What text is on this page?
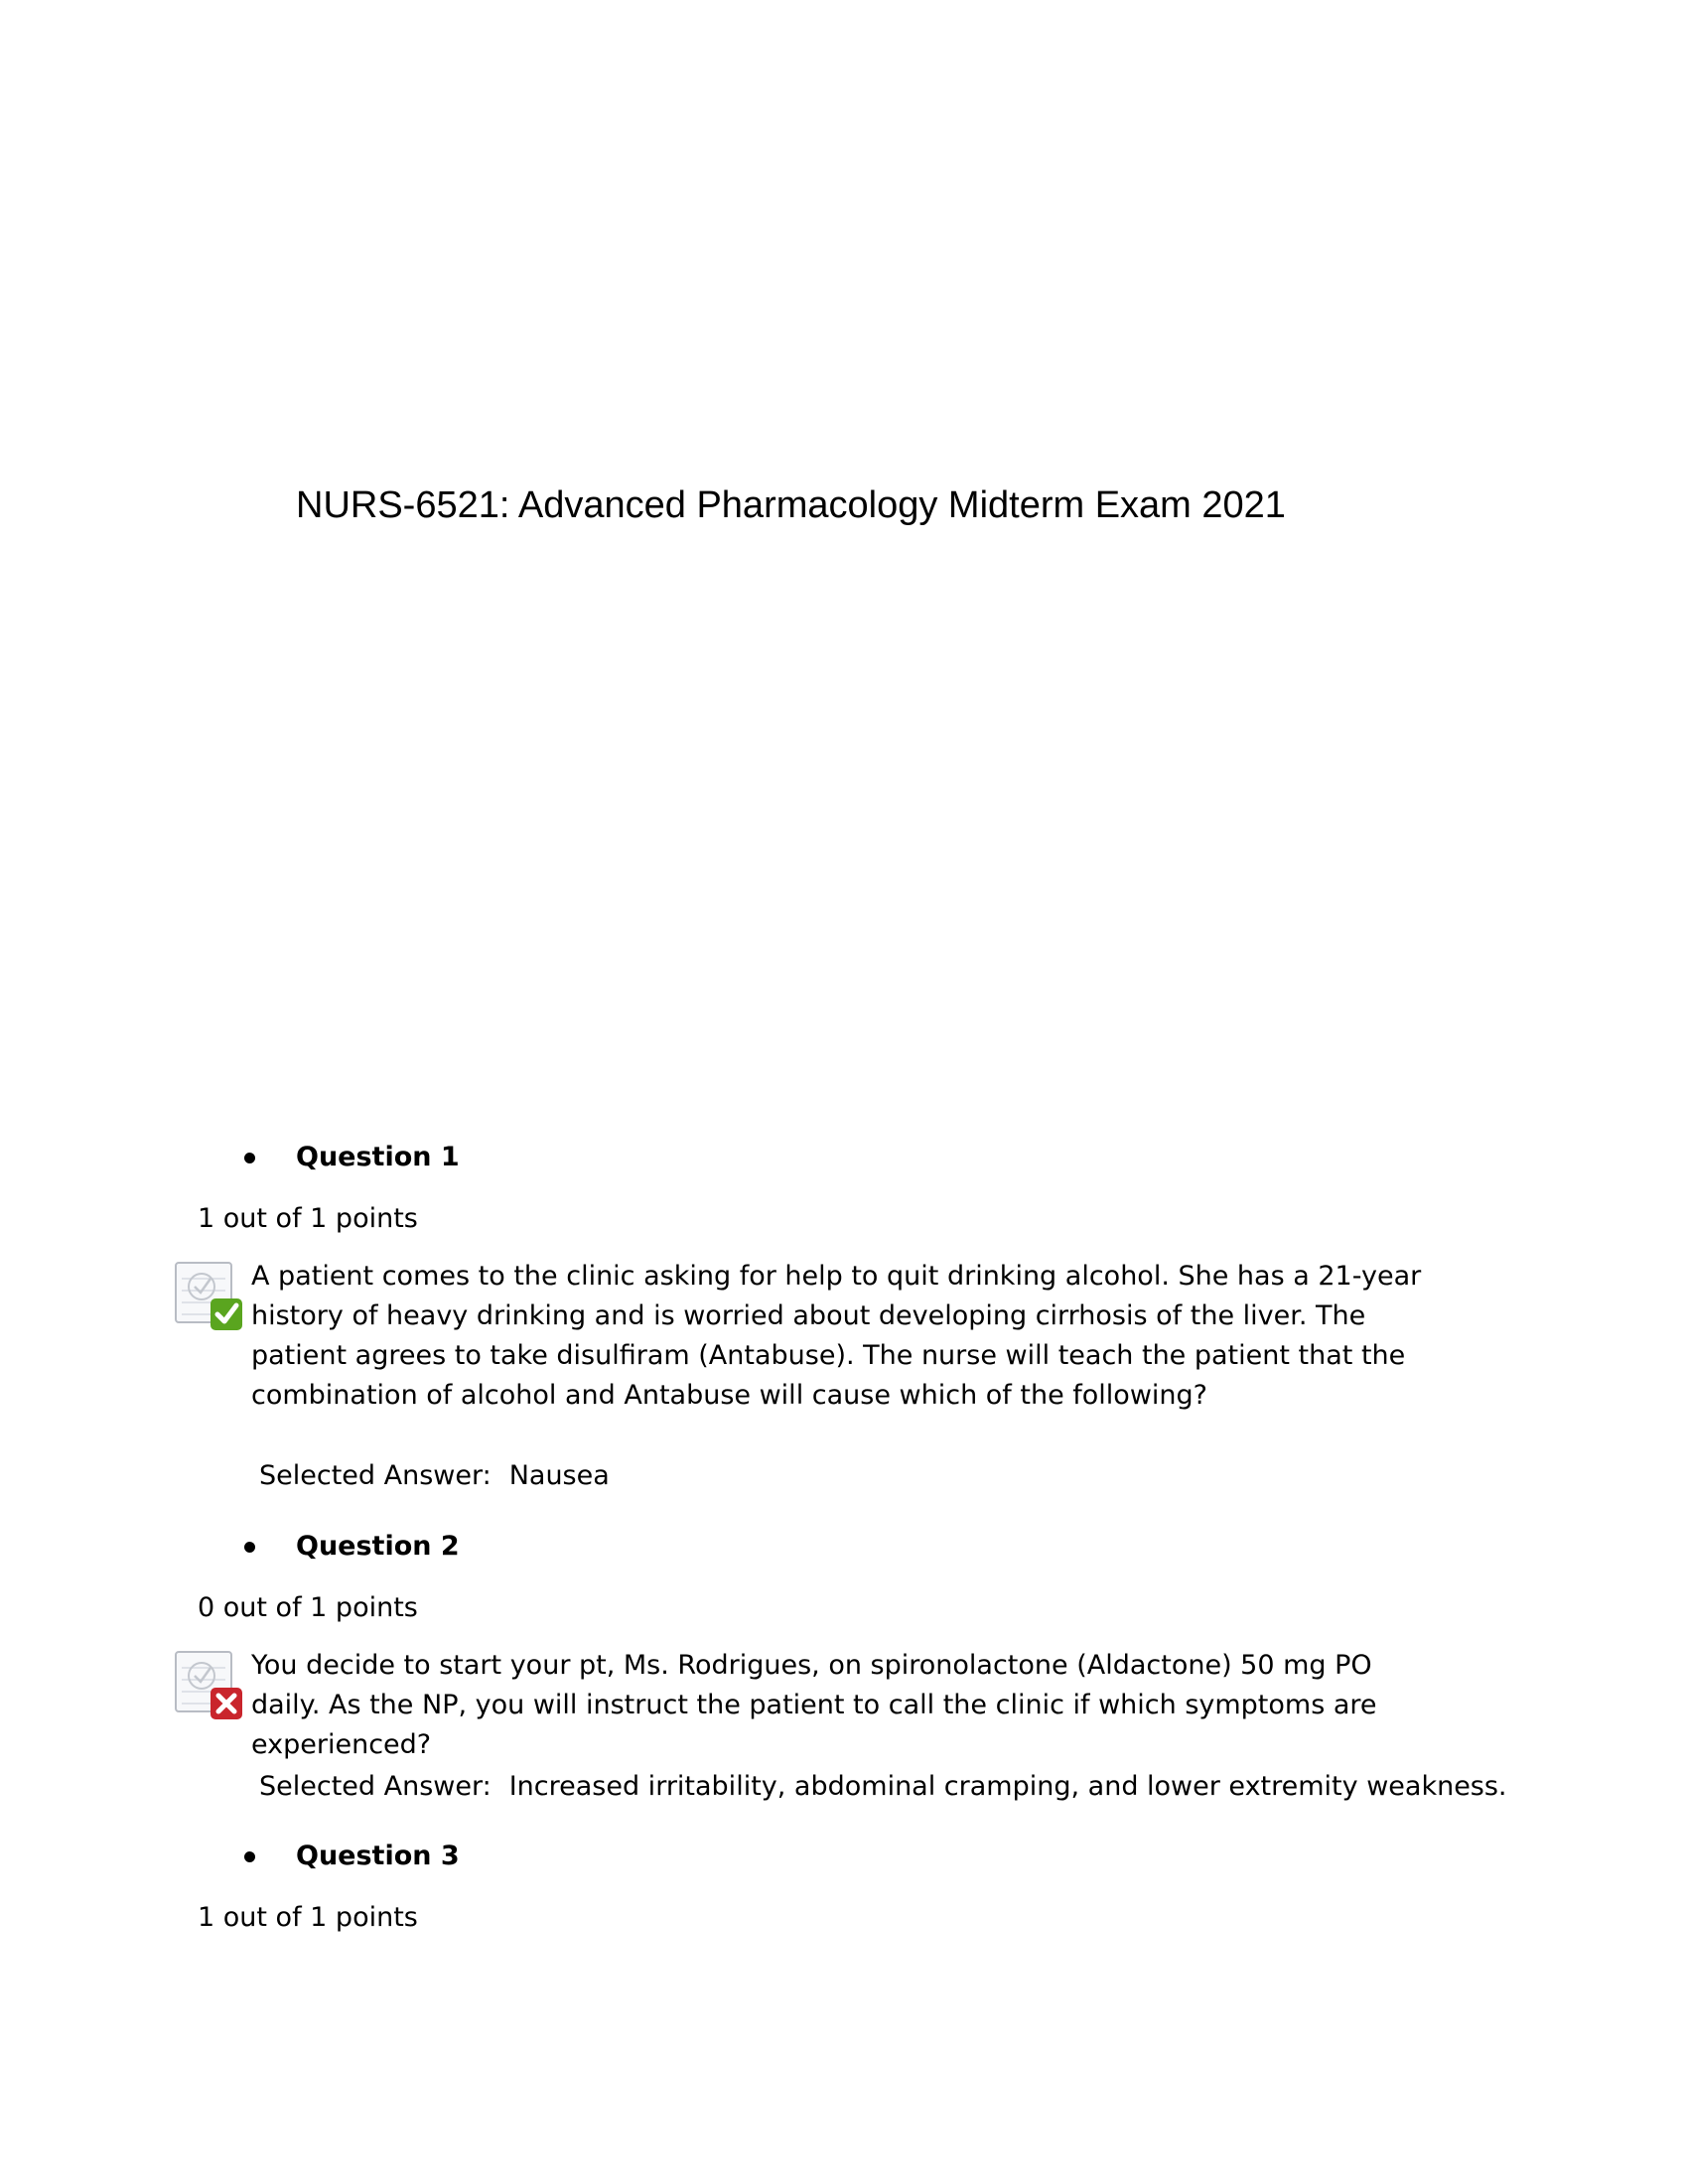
NURS-6521: Advanced Pharmacology Midterm Exam 2021
Question 1
1 out of 1 points

A patient comes to the clinic asking for help to quit drinking alcohol. She has a 21-year history of heavy drinking and is worried about developing cirrhosis of the liver. The patient agrees to take disulfiram (Antabuse). The nurse will teach the patient that the combination of alcohol and Antabuse will cause which of the following?

Selected Answer: Nausea
Question 2
0 out of 1 points

You decide to start your pt, Ms. Rodrigues, on spironolactone (Aldactone) 50 mg PO daily. As the NP, you will instruct the patient to call the clinic if which symptoms are experienced?

Selected Answer: Increased irritability, abdominal cramping, and lower extremity weakness.
Question 3
1 out of 1 points
